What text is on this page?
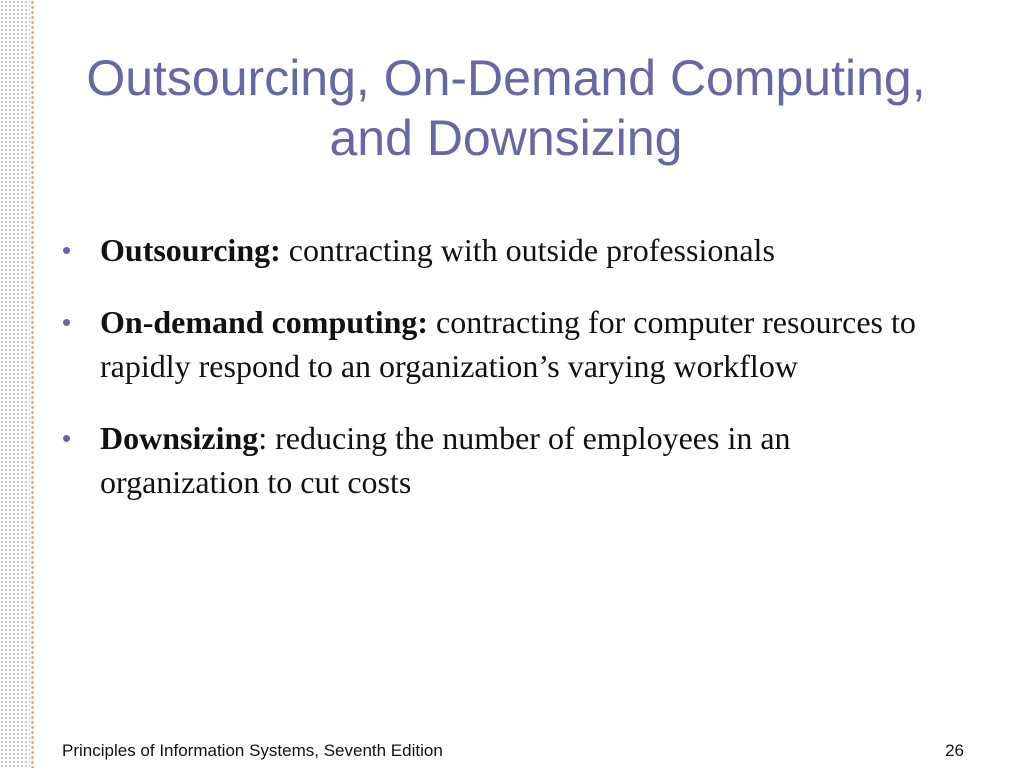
Outsourcing, On-Demand Computing,
and Downsizing
• Outsourcing: contracting with outside professionals
• On-demand computing: contracting for computer resources to rapidly respond to an organization’s varying workflow
• Downsizing: reducing the number of employees in an organization to cut costs
Principles of Information Systems, Seventh Edition	26
